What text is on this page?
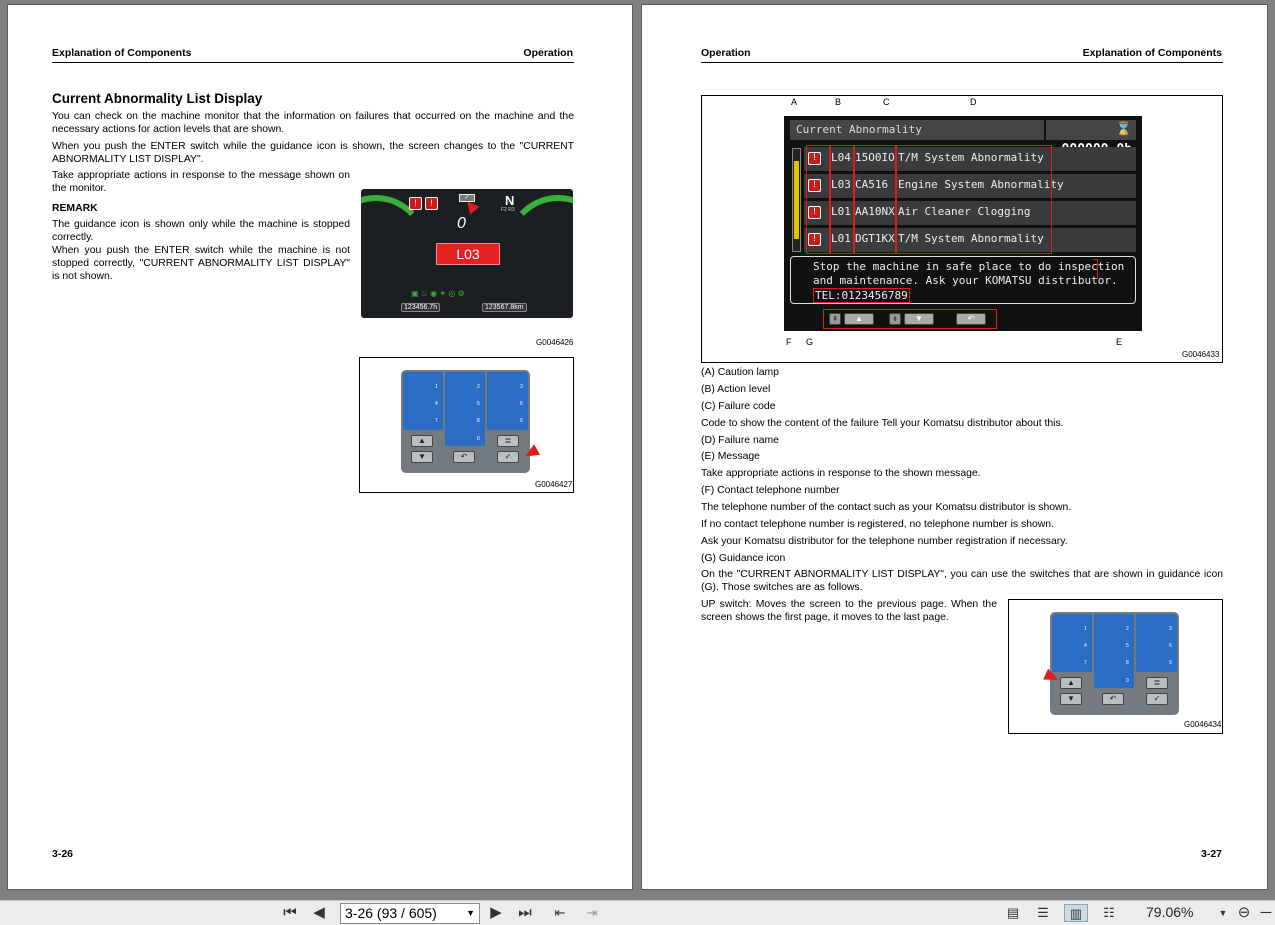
Explanation of Components	Operation
Current Abnormality List Display
You can check on the machine monitor that the information on failures that occurred on the machine and the necessary actions for action levels that are shown.
When you push the ENTER switch while the guidance icon is shown, the screen changes to the "CURRENT ABNORMALITY LIST DISPLAY".
Take appropriate actions in response to the message shown on the monitor.
REMARK
The guidance icon is shown only while the machine is stopped correctly.
When you push the ENTER switch while the machine is not stopped correctly, "CURRENT ABNORMALITY LIST DISPLAY" is not shown.
!	!	✓	N
F2 R3
0
L03
123456.7h	123567.8km
▣ ♨ ◉ ✶ ◎ ⚙
G0046426
1	2	3
4	5	6
7	8	9
0
▲
▼	↶
≣
✓
G0046427
3-26
Operation	Explanation of Components
A	B	C	D
Current Abnormality	⌛
!	L04 15O0IO T/M System Abnormality
!	L03 CA516 Engine System Abnormality
!	L01 AA10NX Air Cleaner Clogging
!	L01 DGT1KX T/M System Abnormality
Stop the machine in safe place to do inspection
and maintenance. Ask your KOMATSU distributor.
TEL:0123456789
⇞	▲	⇟	▼	↶
F G	E
G0046433
(A) Caution lamp
(B) Action level
(C) Failure code
Code to show the content of the failure Tell your Komatsu distributor about this.
(D) Failure name
(E) Message
Take appropriate actions in response to the shown message.
(F) Contact telephone number
The telephone number of the contact such as your Komatsu distributor is shown.
If no contact telephone number is registered, no telephone number is shown.
Ask your Komatsu distributor for the telephone number registration if necessary.
(G) Guidance icon
On the "CURRENT ABNORMALITY LIST DISPLAY", you can use the switches that are shown in guidance icon (G). Those switches are as follows.
UP switch: Moves the screen to the previous page. When the screen shows the first page, it moves to the last page.
1	2	3
4	5	6
7	8	9
0
▲
▼	↶
≣
✓
G0046434
3-27
⏮ ◀	3-26 (93 / 605)	▼ ▶ ⏭	⇤	⇥	▤ ☰	▥	☷	79.06%	▼ ⊖ ─
